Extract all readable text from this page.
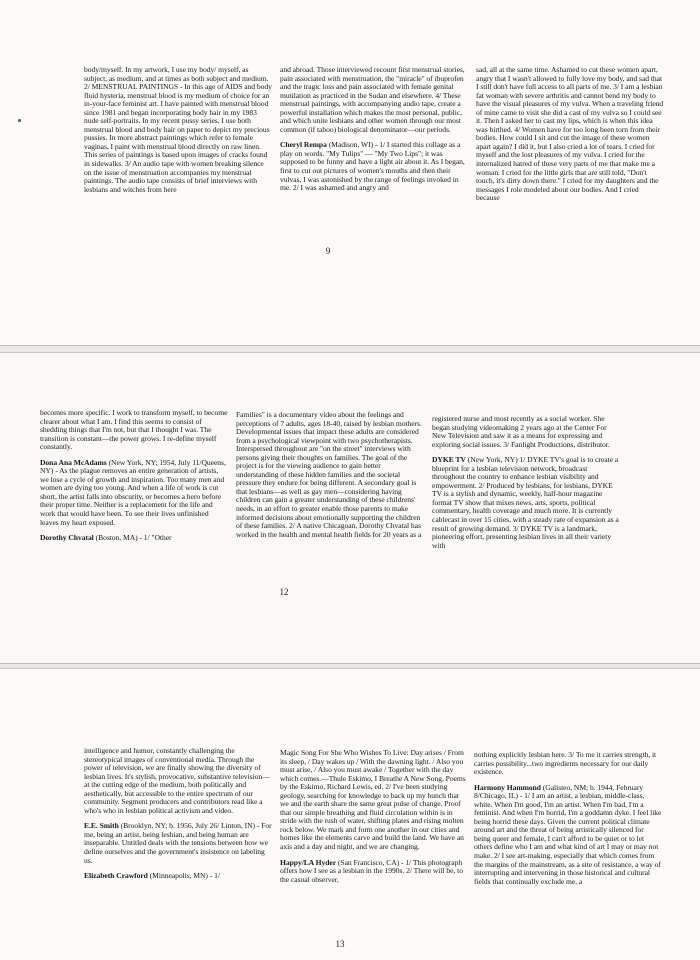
body/myself. In my artwork, I use my body/ myself, as subject, as medium, and at times as both subject and medium. 2/ MENSTRUAL PAINTINGS - In this age of AIDS and body fluid hysteria, menstrual blood is my medium of choice for an in-your-face feminist art. I have painted with menstrual blood since 1981 and began incorporating body hair in my 1983 nude self-portraits. In my recent pussy series, I use both menstrual blood and body hair on paper to depict my precious pussies. In more abstract paintings which refer to female vaginas, I paint with menstrual blood directly on raw linen. This series of paintings is based upon images of cracks found in sidewalks. 3/ An audio tape with women breaking silence on the issue of menstruation accompanies my menstrual paintings. The audio tape consists of brief interviews with lesbians and witches from here

and abroad. Those interviewed recount first menstrual stories, pain associated with menstruation, the "miracle" of ibuprofen and the tragic loss and pain associated with female genital mutilation as practiced in the Sudan and elsewhere. 4/ These menstrual paintings, with accompanying audio tape, create a powerful installation which makes the most personal, public, and which unite lesbians and other women through our most common (if taboo) biological denominator—our periods.

Cheryl Rempa (Madison, WI) - 1/ I started this collage as a play on words. "My Tulips" — "My Two Lips"; it was supposed to be funny and have a light air about it. As I began, first to cut out pictures of women's mouths and then their vulvas, I was astonished by the range of feelings invoked in me. 2/ I was ashamed and angry and

sad, all at the same time. Ashamed to cut these women apart, angry that I wasn't allowed to fully love my body, and sad that I still don't have full access to all parts of me. 3/ I am a lesbian fat woman with severe arthritis and cannot bend my body to have the visual pleasures of my vulva. When a traveling friend of mine came to visit she did a cast of my vulva so I could see it. Then I asked her to cast my lips, which is when this idea was birthed. 4/ Women have for too long been torn from their bodies. How could I sit and cut the image of these women apart again? I did it, but I also cried a lot of tears. I cried for myself and the lost pleasures of my vulva. I cried for the internalized hatred of these very parts of me that make me a woman. I cried for the little girls that are still told, "Don't touch, it's dirty down there." I cried for my daughters and the messages I role modeled about our bodies. And I cried because

9

becomes more specific. I work to transform myself, to become clearer about what I am. I find this seems to consist of shedding things that I'm not, but that I thought I was. The transition is constant—the power grows. I re-define myself constantly.

Dona Ana McAdams (New York, NY; 1954, July 11/Queens, NY) - As the plague removes an entire generation of artists, we lose a cycle of growth and inspiration. Too many men and women are dying too young. And when a life of work is cut short, the artist falls into obscurity, or becomes a hero before their proper time. Neither is a replacement for the life and work that would have been. To see their lives unfinished leaves my heart exposed.

Dorothy Chvatal (Boston, MA) - 1/ "Other

Families" is a documentary video about the feelings and perceptions of 7 adults, ages 18-40, raised by lesbian mothers. Developmental issues that impact these adults are considered from a psychological viewpoint with two psychotherapists. Interspersed throughout are "on the street" interviews with persons giving their thoughts on families. The goal of the project is for the viewing audience to gain better understanding of these hidden families and the societal pressure they endure for being different. A secondary goal is that lesbians—as well as gay men—considering having children can gain a greater understanding of these childrens' needs, in an effort to greater enable those parents to make informed decisions about emotionally supporting the children of these families. 2/ A native Chicagoan, Dorothy Chvatal has worked in the health and mental health fields for 20 years as a

registered nurse and most recently as a social worker. She began studying videomaking 2 years ago at the Center For New Television and saw it as a means for expressing and exploring social issues. 3/ Fanlight Productions, distributor.

DYKE TV (New York, NY) 1/ DYKE TV's goal is to create a blueprint for a lesbian television network, broadcast throughout the country to enhance lesbian visibility and empowerment. 2/ Produced by lesbians, for lesbians, DYKE TV is a stylish and dynamic, weekly, half-hour magazine format TV show that mixes news, arts, sports, political commentary, health coverage and much more. It is currently cablecast in over 15 cities, with a steady rate of expansion as a result of growing demand. 3/ DYKE TV is a landmark, pioneering effort, presenting lesbian lives in all their variety with

12

intelligence and humor, constantly challenging the stereotypical images of conventional media. Through the power of television, we are finally showing the diversity of lesbian lives. It's stylish, provocative, substantive television—at the cutting edge of the medium, both politically and aesthetically, but accessible to the entire spectrum of our community. Segment producers and contributors read like a who's who in lesbian political activism and video.

E.E. Smith (Brooklyn, NY; b. 1956, July 26/ Linton, IN) - For me, being an artist, being lesbian, and being human are inseparable. Untitled deals with the tensions between how we define ourselves and the government's insistence on labeling us.

Elizabeth Crawford (Minneapolis, MN) - 1/

Magic Song For She Who Wishes To Live: Day arises / From its sleep, / Day wakes up / With the dawning light. / Also you must arise, / Also you must awake / Together with the day which comes.—Thule Eskimo, I Breathe A New Song, Poems by the Eskimo, Richard Lewis, ed. 2/ I've been studying geology, searching for knowledge to back up my hunch that we and the earth share the same great pulse of change. Proof that our simple breathing and fluid circulation within is in stride with the rush of water, shifting plates and rising molten rock below. We mark and form one another in our cities and homes like the elements carve and build the land. We have an axis and a day and night, and we are changing.

Happy/LA Hyder (San Francisco, CA) - 1/ This photograph offers how I see as a lesbian in the 1990s. 2/ There will be, to the casual observer,

nothing explicitly lesbian here. 3/ To me it carries strength, it carries possibility...two ingredients necessary for our daily existence.

Harmony Hammond (Galisteo, NM; b. 1944, February 8/Chicago, IL) - 1/ I am an artist, a lesbian, middle-class, white. When I'm good, I'm an artist. When I'm bad, I'm a feminist. And when I'm horrid, I'm a goddamn dyke. I feel like being horrid these days. Given the current political climate around art and the threat of being artistically silenced for being queer and female, I can't afford to be quiet or to let others define who I am and what kind of art I may or may not make. 2/ I see art-making, especially that which comes from the margins of the mainstream, as a site of resistance, a way of interrupting and intervening in those historical and cultural fields that continually exclude me, a

13
